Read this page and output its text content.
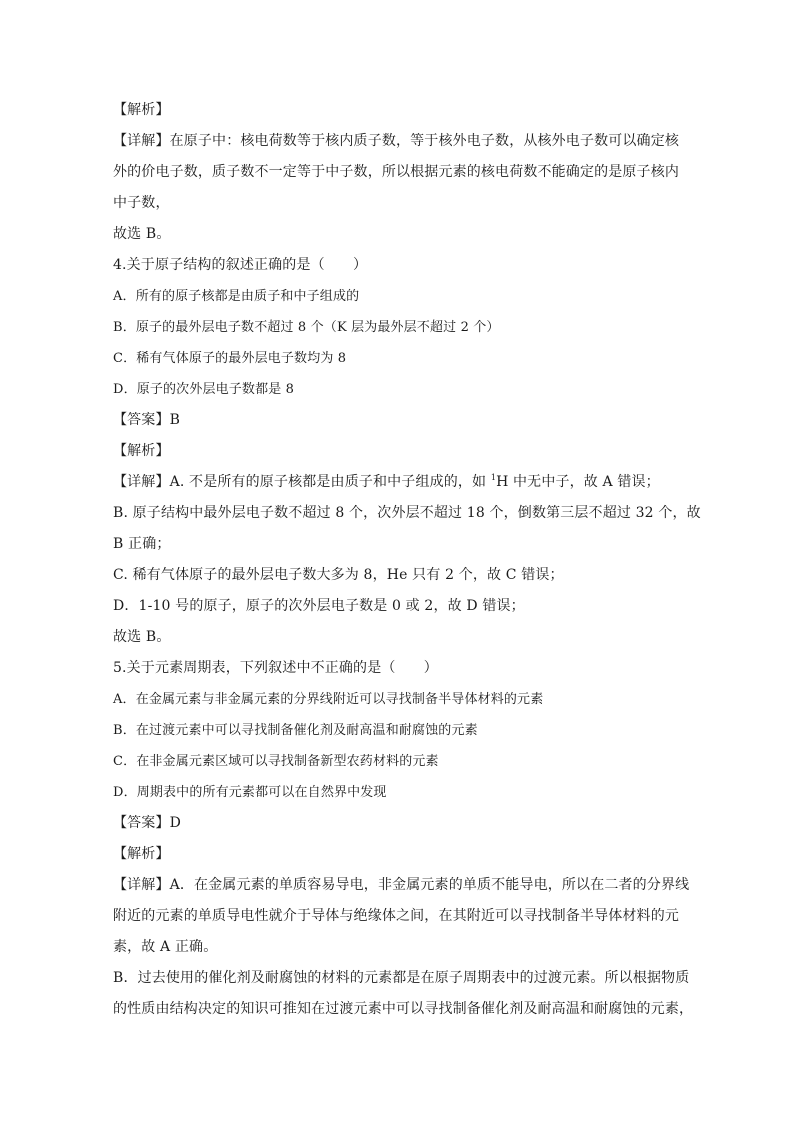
【解析】
【详解】在原子中：核电荷数等于核内质子数，等于核外电子数，从核外电子数可以确定核
外的价电子数，质子数不一定等于中子数，所以根据元素的核电荷数不能确定的是原子核内
中子数，
故选 B。
4.关于原子结构的叙述正确的是（　　）
A．所有的原子核都是由质子和中子组成的
B．原子的最外层电子数不超过 8 个（K 层为最外层不超过 2 个）
C．稀有气体原子的最外层电子数均为 8
D．原子的次外层电子数都是 8
【答案】B
【解析】
【详解】A. 不是所有的原子核都是由质子和中子组成的，如 $^1$H 中无中子，故 A 错误；
B. 原子结构中最外层电子数不超过 8 个，次外层不超过 18 个，倒数第三层不超过 32 个，故
B 正确；
C. 稀有气体原子的最外层电子数大多为 8，He 只有 2 个，故 C 错误；
D．1-10 号的原子，原子的次外层电子数是 0 或 2，故 D 错误；
故选 B。
5.关于元素周期表，下列叙述中不正确的是（　　）
A．在金属元素与非金属元素的分界线附近可以寻找制备半导体材料的元素
B．在过渡元素中可以寻找制备催化剂及耐高温和耐腐蚀的元素
C．在非金属元素区域可以寻找制备新型农药材料的元素
D．周期表中的所有元素都可以在自然界中发现
【答案】D
【解析】
【详解】A．在金属元素的单质容易导电，非金属元素的单质不能导电，所以在二者的分界线
附近的元素的单质导电性就介于导体与绝缘体之间，在其附近可以寻找制备半导体材料的元
素，故 A 正确。
B．过去使用的催化剂及耐腐蚀的材料的元素都是在原子周期表中的过渡元素。所以根据物质
的性质由结构决定的知识可推知在过渡元素中可以寻找制备催化剂及耐高温和耐腐蚀的元素，
